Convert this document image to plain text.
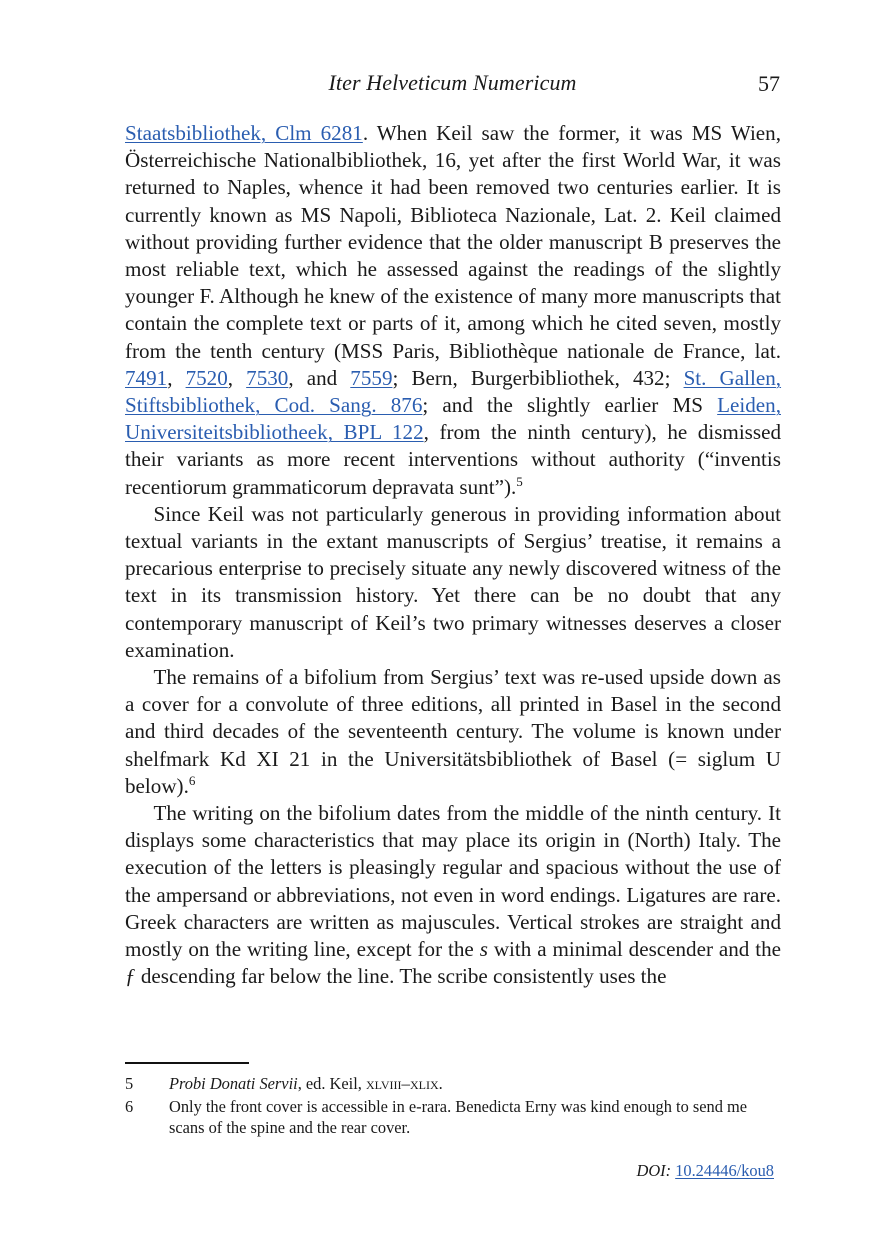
Iter Helveticum Numericum	57

Staatsbibliothek, Clm 6281. When Keil saw the former, it was MS Wien, Österreichische Nationalbibliothek, 16, yet after the first World War, it was returned to Naples, whence it had been removed two centuries earlier. It is currently known as MS Napoli, Biblioteca Nazionale, Lat. 2. Keil claimed without providing further evidence that the older manuscript B preserves the most reliable text, which he assessed against the readings of the slightly younger F. Although he knew of the existence of many more manuscripts that contain the complete text or parts of it, among which he cited seven, mostly from the tenth century (MSS Paris, Bibliothèque nationale de France, lat. 7491, 7520, 7530, and 7559; Bern, Burgerbibliothek, 432; St. Gallen, Stiftsbibliothek, Cod. Sang. 876; and the slightly earlier MS Leiden, Universiteitsbibliotheek, BPL 122, from the ninth century), he dismissed their variants as more recent interventions without authority (“inventis recentiorum grammaticorum depravata sunt”).$^5$

Since Keil was not particularly generous in providing information about textual variants in the extant manuscripts of Sergius’ treatise, it remains a precarious enterprise to precisely situate any newly discovered witness of the text in its transmission history. Yet there can be no doubt that any contemporary manuscript of Keil’s two primary witnesses deserves a closer examination.

The remains of a bifolium from Sergius’ text was re-used upside down as a cover for a convolute of three editions, all printed in Basel in the second and third decades of the seventeenth century. The volume is known under shelfmark Kd XI 21 in the Universitätsbibliothek of Basel (= siglum U below).$^6$

The writing on the bifolium dates from the middle of the ninth century. It displays some characteristics that may place its origin in (North) Italy. The execution of the letters is pleasingly regular and spacious without the use of the ampersand or abbreviations, not even in word endings. Ligatures are rare. Greek characters are written as majuscules. Vertical strokes are straight and mostly on the writing line, except for the s with a minimal descender and the ƒ descending far below the line. The scribe consistently uses the

5	Probi Donati Servii, ed. Keil, xlviii–xlix.
6	Only the front cover is accessible in e-rara. Benedicta Erny was kind enough to send me scans of the spine and the rear cover.
DOI: 10.24446/kou8
